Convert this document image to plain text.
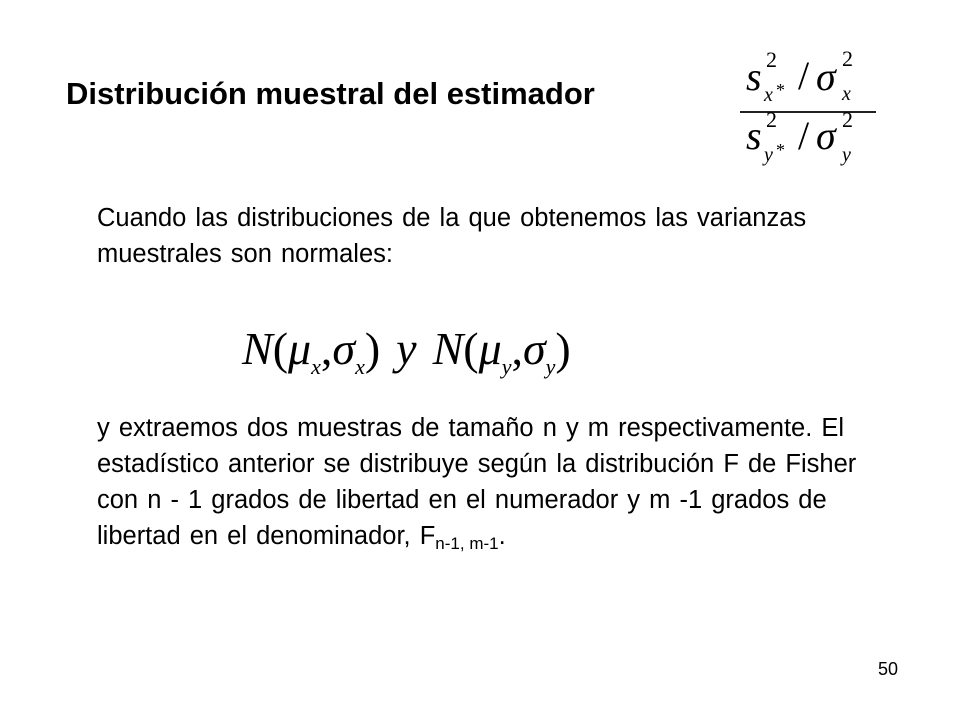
Distribución muestral del estimador	s 2
x * / σ 2
x
s 2
y * / σ 2
y

Cuando las distribuciones de la que obtenemos las varianzas muestrales son normales:

$N(\mu_x,\sigma_x)$ y $N(\mu_y,\sigma_y)$

y extraemos dos muestras de tamaño n y m respectivamente. El estadístico anterior se distribuye según la distribución F de Fisher con n - 1 grados de libertad en el numerador y m -1 grados de libertad en el denominador, $F_{n-1, m-1}$.

50
